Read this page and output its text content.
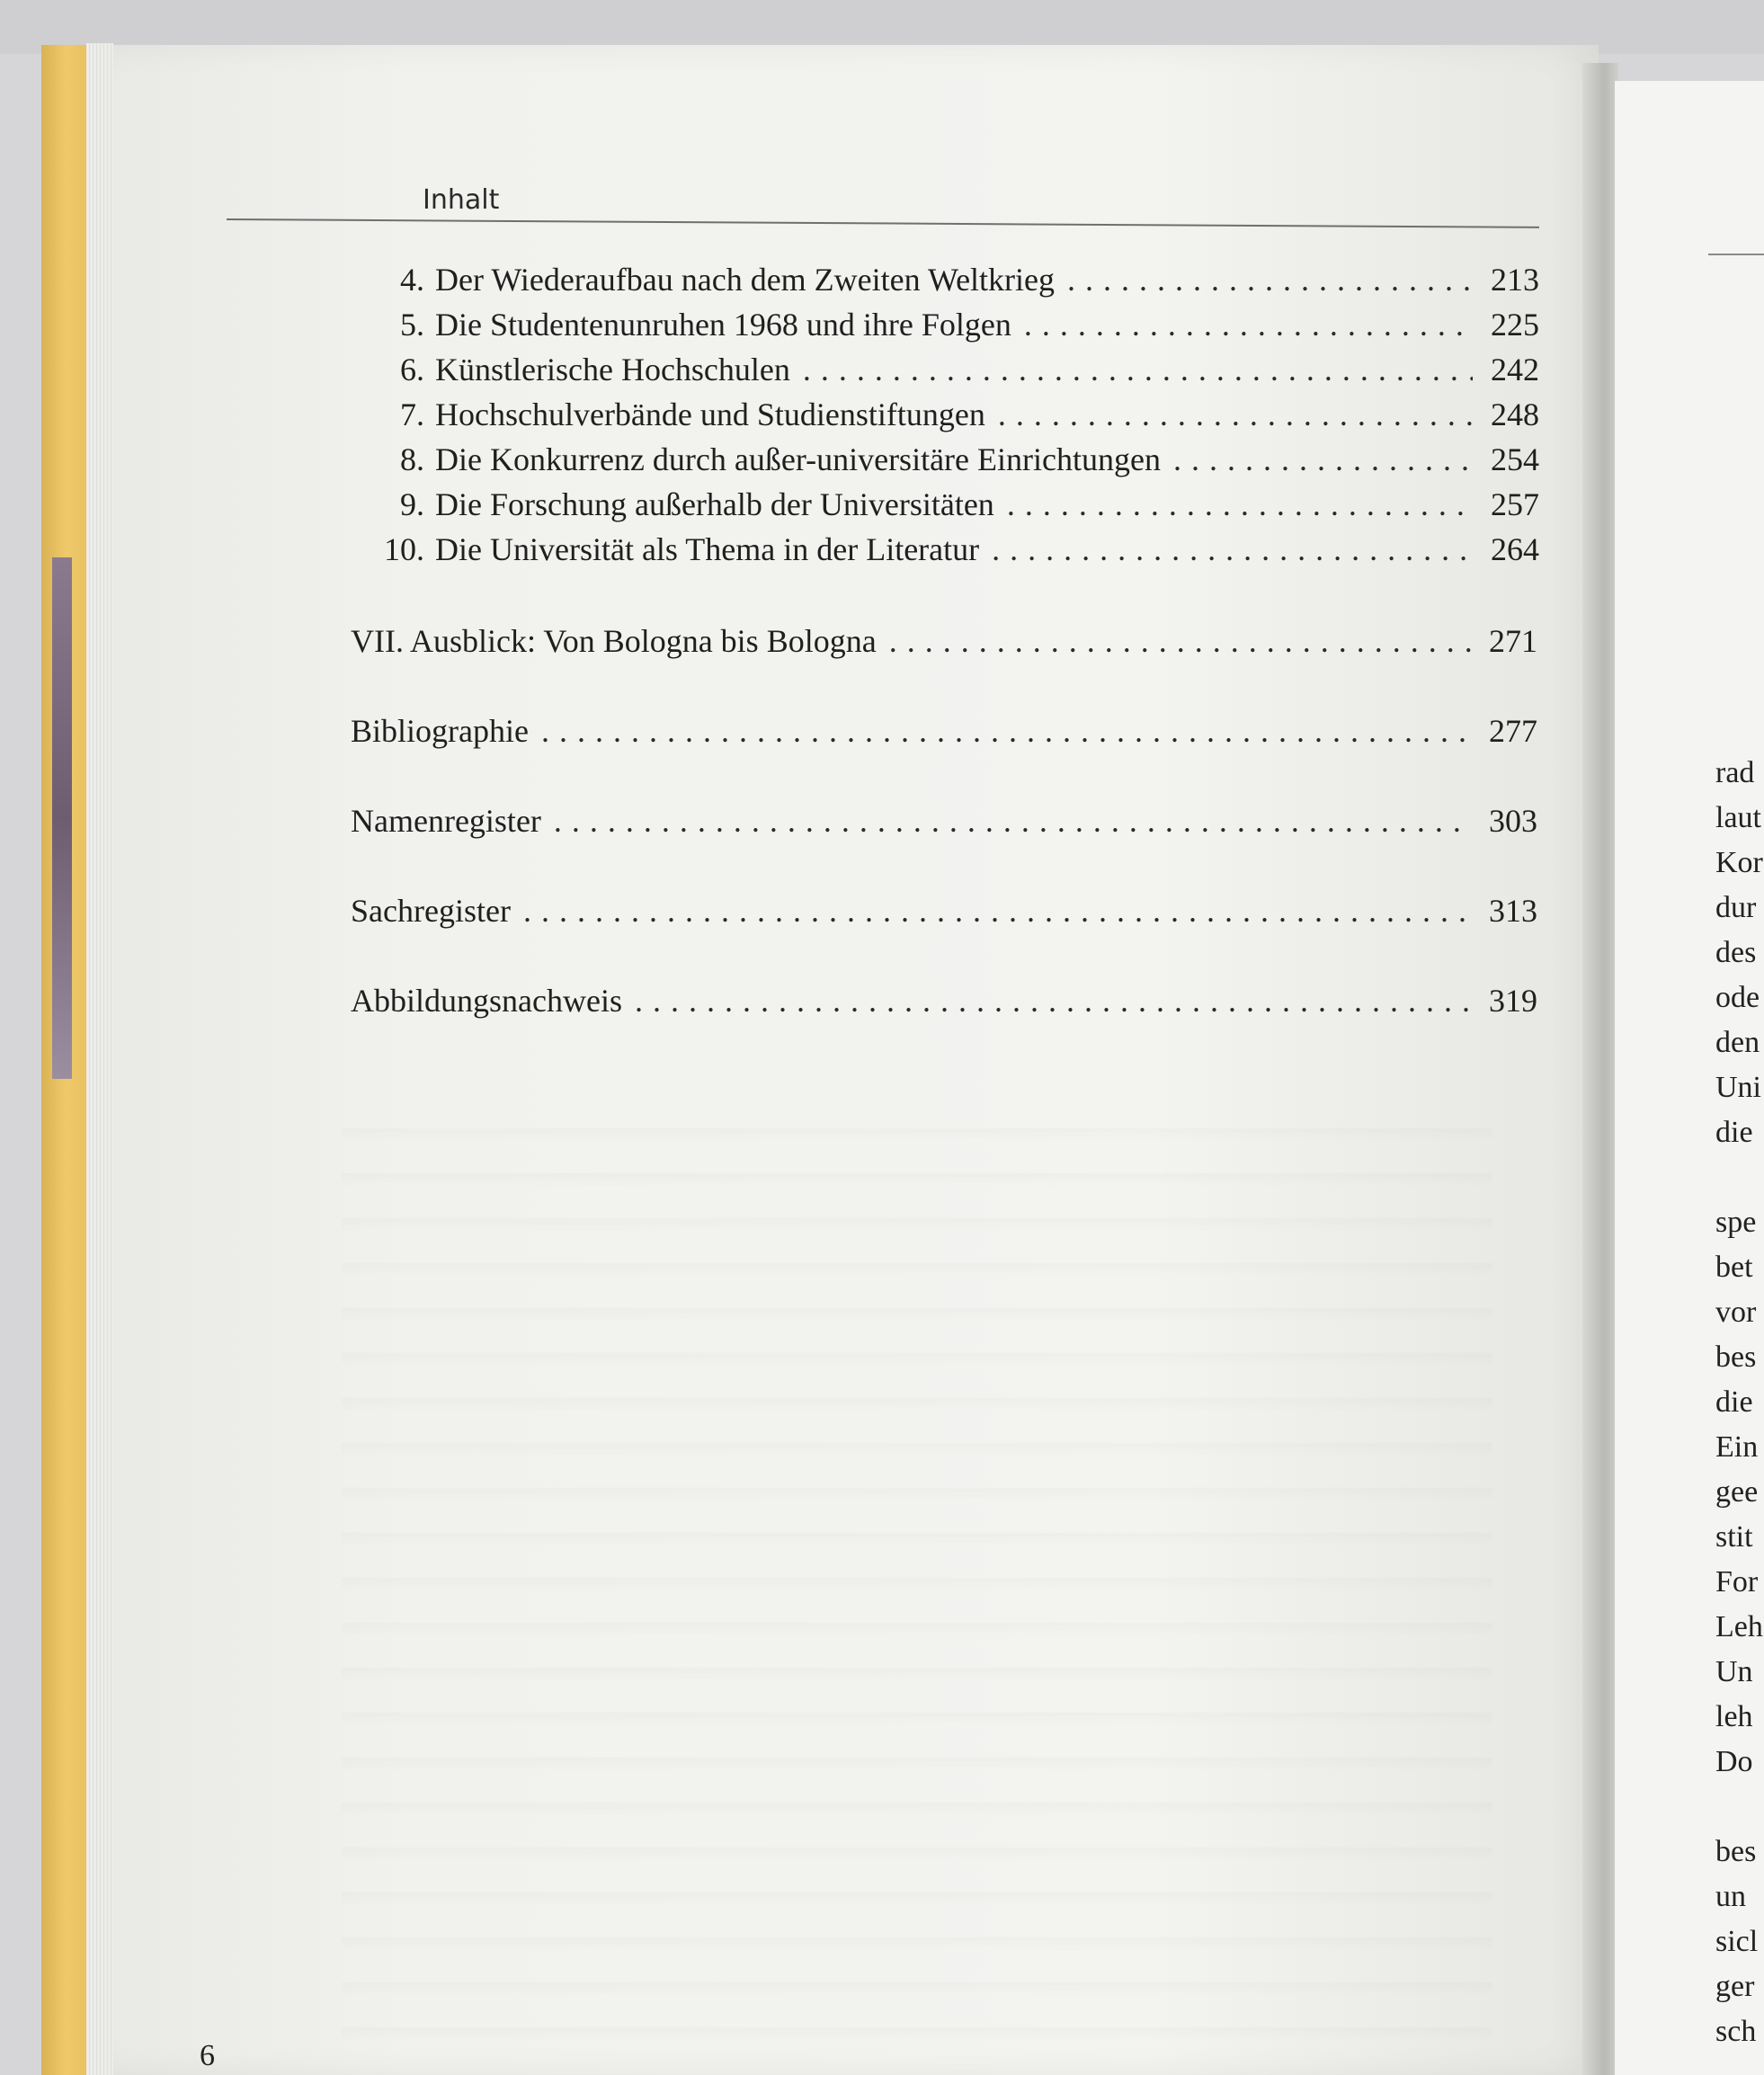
Inhalt
4. Der Wiederaufbau nach dem Zweiten Weltkrieg . . .	213
5. Die Studentenunruhen 1968 und ihre Folgen . . .	225
6. Künstlerische Hochschulen . . .	242
7. Hochschulverbände und Studienstiftungen . . .	248
8. Die Konkurrenz durch außer-universitäre Einrichtungen . . .	254
9. Die Forschung außerhalb der Universitäten . . .	257
10. Die Universität als Thema in der Literatur . . .	264
VII. Ausblick: Von Bologna bis Bologna . . .	271
Bibliographie . . .	277
Namenregister . . .	303
Sachregister . . .	313
Abbildungsnachweis . . .	319
6
rad
laut
Kor
dur
des
ode
den
Uni
die
spe
bet
vor
bes
die
Ein
gee
stit
For
Leh
Un
leh
Do
bes
un
sicl
ger
sch
